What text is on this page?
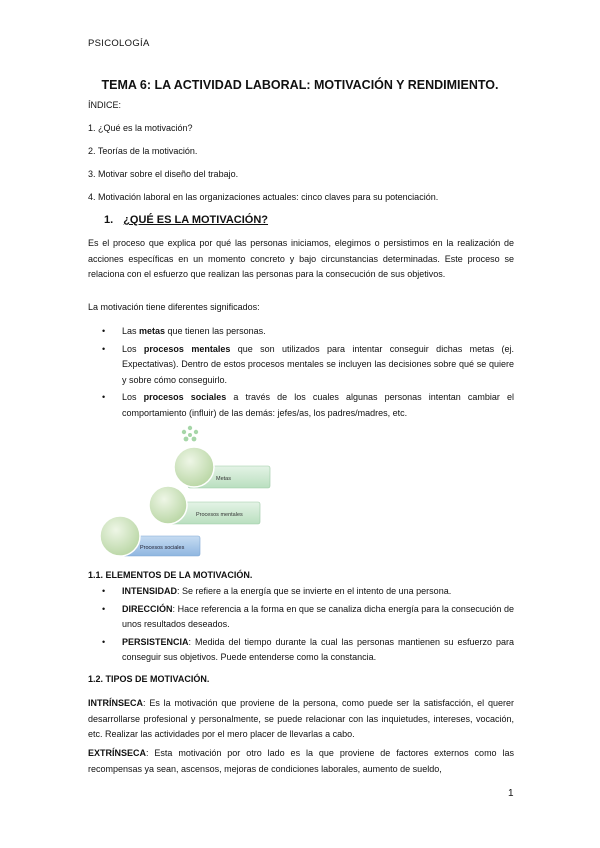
PSICOLOGÍA
TEMA 6: LA ACTIVIDAD LABORAL: MOTIVACIÓN Y RENDIMIENTO.
ÍNDICE:
1. ¿Qué es la motivación?
2. Teorías de la motivación.
3. Motivar sobre el diseño del trabajo.
4. Motivación laboral en las organizaciones actuales: cinco claves para su potenciación.
1. ¿QUÉ ES LA MOTIVACIÓN?
Es el proceso que explica por qué las personas iniciamos, elegimos o persistimos en la realización de acciones específicas en un momento concreto y bajo circunstancias determinadas. Este proceso se relaciona con el esfuerzo que realizan las personas para la consecución de sus objetivos.
La motivación tiene diferentes significados:
• Las metas que tienen las personas.
• Los procesos mentales que son utilizados para intentar conseguir dichas metas (ej. Expectativas). Dentro de estos procesos mentales se incluyen las decisiones sobre qué se quiere y sobre cómo conseguirlo.
• Los procesos sociales a través de los cuales algunas personas intentan cambiar el comportamiento (influir) de las demás: jefes/as, los padres/madres, etc.
Metas
Procesos mentales
Procesos sociales
1.1. ELEMENTOS DE LA MOTIVACIÓN.
• INTENSIDAD: Se refiere a la energía que se invierte en el intento de una persona.
• DIRECCIÓN: Hace referencia a la forma en que se canaliza dicha energía para la consecución de unos resultados deseados.
• PERSISTENCIA: Medida del tiempo durante la cual las personas mantienen su esfuerzo para conseguir sus objetivos. Puede entenderse como la constancia.
1.2. TIPOS DE MOTIVACIÓN.
INTRÍNSECA: Es la motivación que proviene de la persona, como puede ser la satisfacción, el querer desarrollarse profesional y personalmente, se puede relacionar con las inquietudes, intereses, vocación, etc. Realizar las actividades por el mero placer de llevarlas a cabo.
EXTRÍNSECA: Esta motivación por otro lado es la que proviene de factores externos como las recompensas ya sean, ascensos, mejoras de condiciones laborales, aumento de sueldo,
1
